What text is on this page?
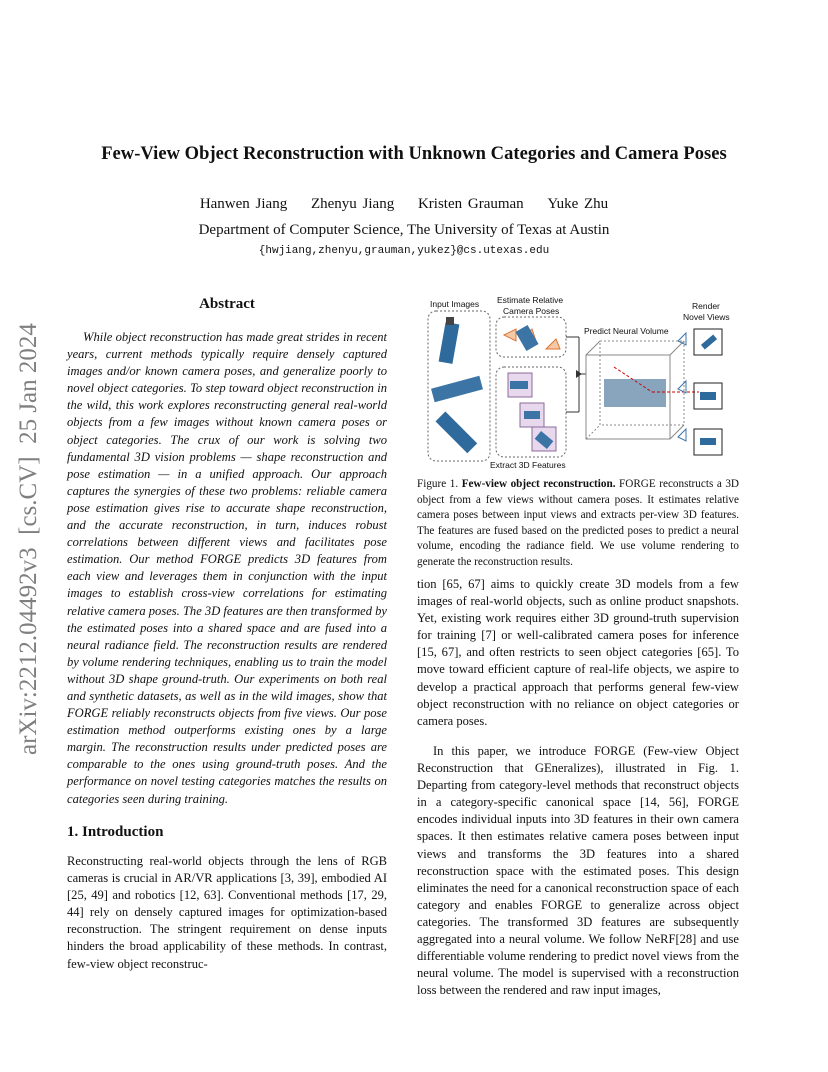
Few-View Object Reconstruction with Unknown Categories and Camera Poses
Hanwen Jiang Zhenyu Jiang Kristen Grauman Yuke Zhu
Department of Computer Science, The University of Texas at Austin
{hwjiang,zhenyu,grauman,yukez}@cs.utexas.edu
arXiv:2212.04492v3  [cs.CV]  25 Jan 2024
Abstract
While object reconstruction has made great strides in recent years, current methods typically require densely captured images and/or known camera poses, and generalize poorly to novel object categories. To step toward object reconstruction in the wild, this work explores reconstructing general real-world objects from a few images without known camera poses or object categories. The crux of our work is solving two fundamental 3D vision problems — shape reconstruction and pose estimation — in a unified approach. Our approach captures the synergies of these two problems: reliable camera pose estimation gives rise to accurate shape reconstruction, and the accurate reconstruction, in turn, induces robust correlations between different views and facilitates pose estimation. Our method FORGE predicts 3D features from each view and leverages them in conjunction with the input images to establish cross-view correlations for estimating relative camera poses. The 3D features are then transformed by the estimated poses into a shared space and are fused into a neural radiance field. The reconstruction results are rendered by volume rendering techniques, enabling us to train the model without 3D shape ground-truth. Our experiments on both real and synthetic datasets, as well as in the wild images, show that FORGE reliably reconstructs objects from five views. Our pose estimation method outperforms existing ones by a large margin. The reconstruction results under predicted poses are comparable to the ones using ground-truth poses. And the performance on novel testing categories matches the results on categories seen during training.
1. Introduction
Reconstructing real-world objects through the lens of RGB cameras is crucial in AR/VR applications [3, 39], embodied AI [25, 49] and robotics [12, 63]. Conventional methods [17, 29, 44] rely on densely captured images for optimization-based reconstruction. The stringent requirement on dense inputs hinders the broad applicability of these methods. In contrast, few-view object reconstruc-
Input Images Estimate Relative
Camera Poses
Predict Neural Volume
Render
Novel Views
Extract 3D Features
Figure 1. Few-view object reconstruction. FORGE reconstructs a 3D object from a few views without camera poses. It estimates relative camera poses between input views and extracts per-view 3D features. The features are fused based on the predicted poses to predict a neural volume, encoding the radiance field. We use volume rendering to generate the reconstruction results.
tion [65, 67] aims to quickly create 3D models from a few images of real-world objects, such as online product snapshots. Yet, existing work requires either 3D ground-truth supervision for training [7] or well-calibrated camera poses for inference [15, 67], and often restricts to seen object categories [65]. To move toward efficient capture of real-life objects, we aspire to develop a practical approach that performs general few-view object reconstruction with no reliance on object categories or camera poses.
In this paper, we introduce FORGE (Few-view Object Reconstruction that GEneralizes), illustrated in Fig. 1. Departing from category-level methods that reconstruct objects in a category-specific canonical space [14, 56], FORGE encodes individual inputs into 3D features in their own camera spaces. It then estimates relative camera poses between input views and transforms the 3D features into a shared reconstruction space with the estimated poses. This design eliminates the need for a canonical reconstruction space of each category and enables FORGE to generalize across object categories. The transformed 3D features are subsequently aggregated into a neural volume. We follow NeRF[28] and use differentiable volume rendering to predict novel views from the neural volume. The model is supervised with a reconstruction loss between the rendered and raw input images,
